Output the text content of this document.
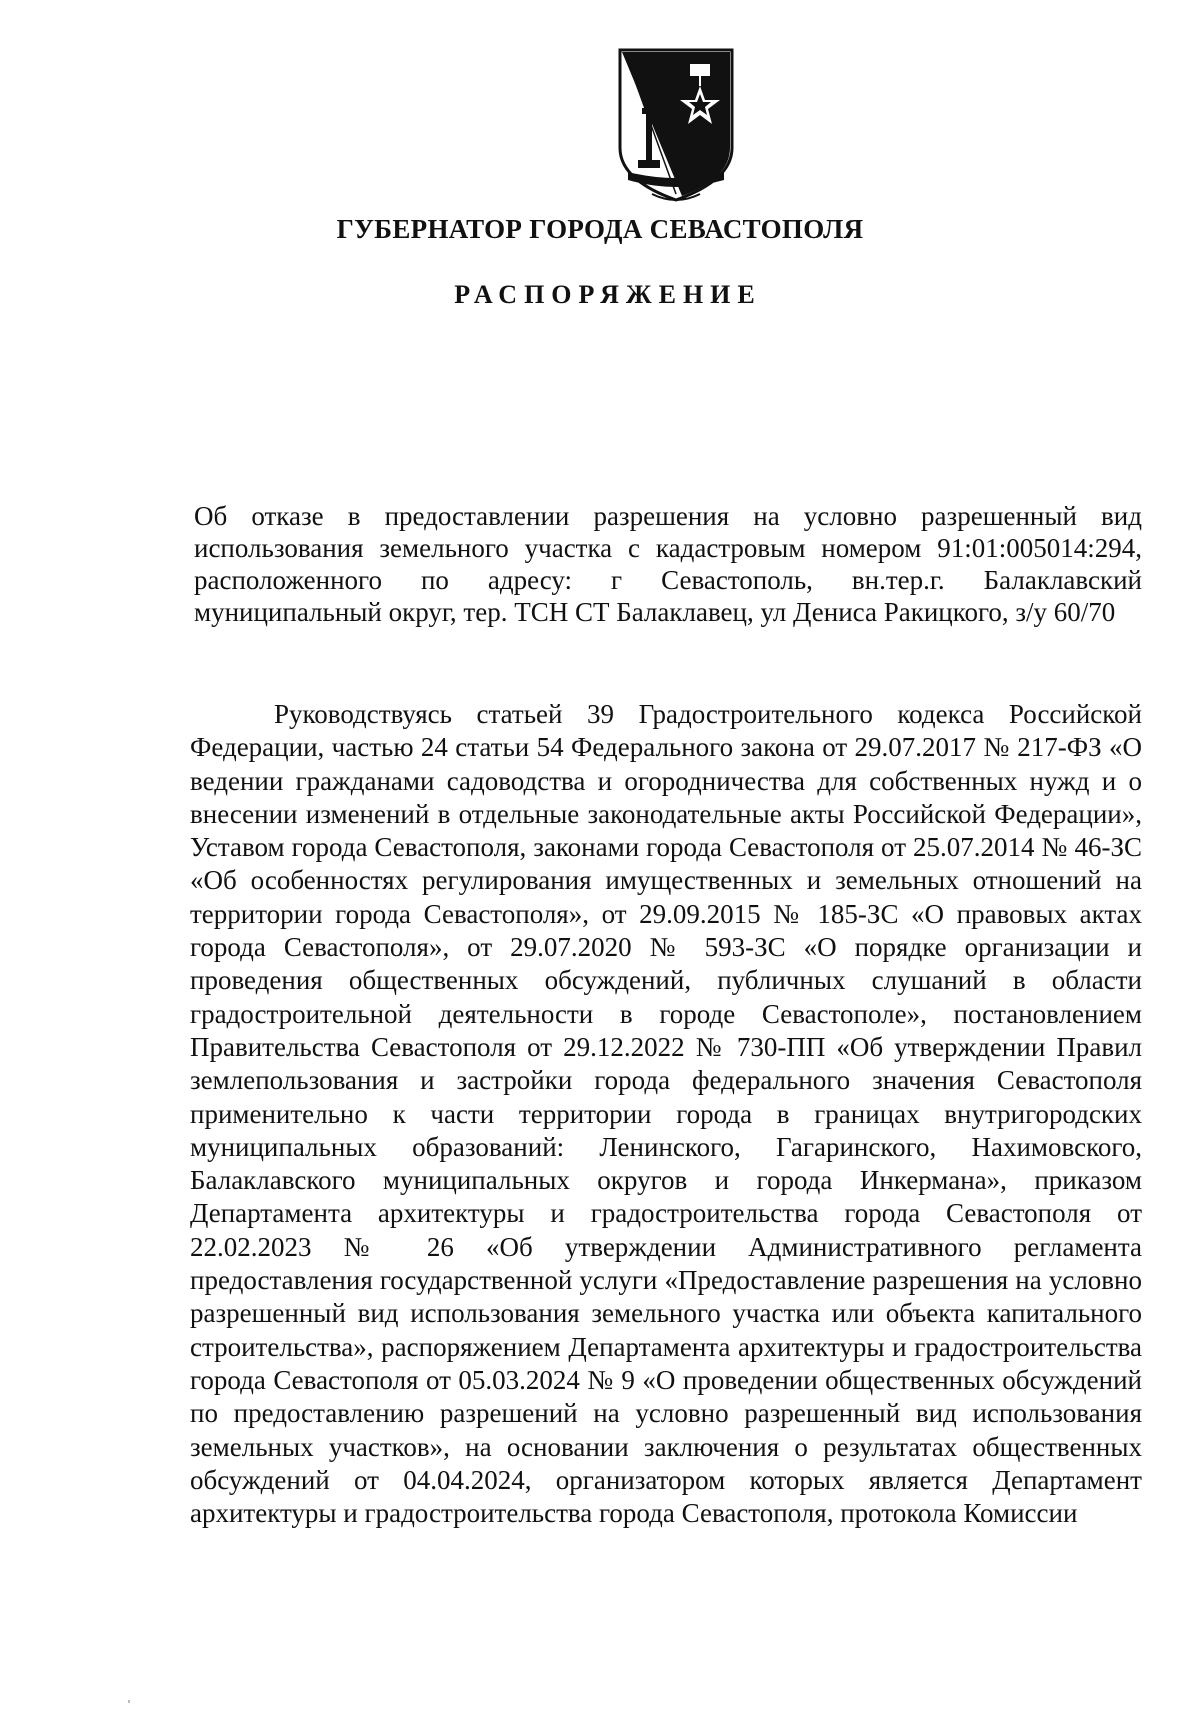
ГУБЕРНАТОР ГОРОДА СЕВАСТОПОЛЯ
РАСПОРЯЖЕНИЕ

Об отказе в предоставлении разрешения на условно разрешенный вид использования земельного участка с кадастровым номером 91:01:005014:294, расположенного по адресу: г Севастополь, вн.тер.г. Балаклавский муниципальный округ, тер. ТСН СТ Балаклавец, ул Дениса Ракицкого, з/у 60/70

Руководствуясь статьей 39 Градостроительного кодекса Российской Федерации, частью 24 статьи 54 Федерального закона от 29.07.2017 № 217-ФЗ «О ведении гражданами садоводства и огородничества для собственных нужд и о внесении изменений в отдельные законодательные акты Российской Федерации», Уставом города Севастополя, законами города Севастополя от 25.07.2014 № 46-ЗС «Об особенностях регулирования имущественных и земельных отношений на территории города Севастополя», от 29.09.2015 № 185-ЗС «О правовых актах города Севастополя», от 29.07.2020 № 593-ЗС «О порядке организации и проведения общественных обсуждений, публичных слушаний в области градостроительной деятельности в городе Севастополе», постановлением Правительства Севастополя от 29.12.2022 № 730-ПП «Об утверждении Правил землепользования и застройки города федерального значения Севастополя применительно к части территории города в границах внутригородских муниципальных образований: Ленинского, Гагаринского, Нахимовского, Балаклавского муниципальных округов и города Инкермана», приказом Департамента архитектуры и градостроительства города Севастополя от 22.02.2023 № 26 «Об утверждении Административного регламента предоставления государственной услуги «Предоставление разрешения на условно разрешенный вид использования земельного участка или объекта капитального строительства», распоряжением Департамента архитектуры и градостроительства города Севастополя от 05.03.2024 № 9 «О проведении общественных обсуждений по предоставлению разрешений на условно разрешенный вид использования земельных участков», на основании заключения о результатах общественных обсуждений от 04.04.2024, организатором которых является Департамент архитектуры и градостроительства города Севастополя, протокола Комиссии
